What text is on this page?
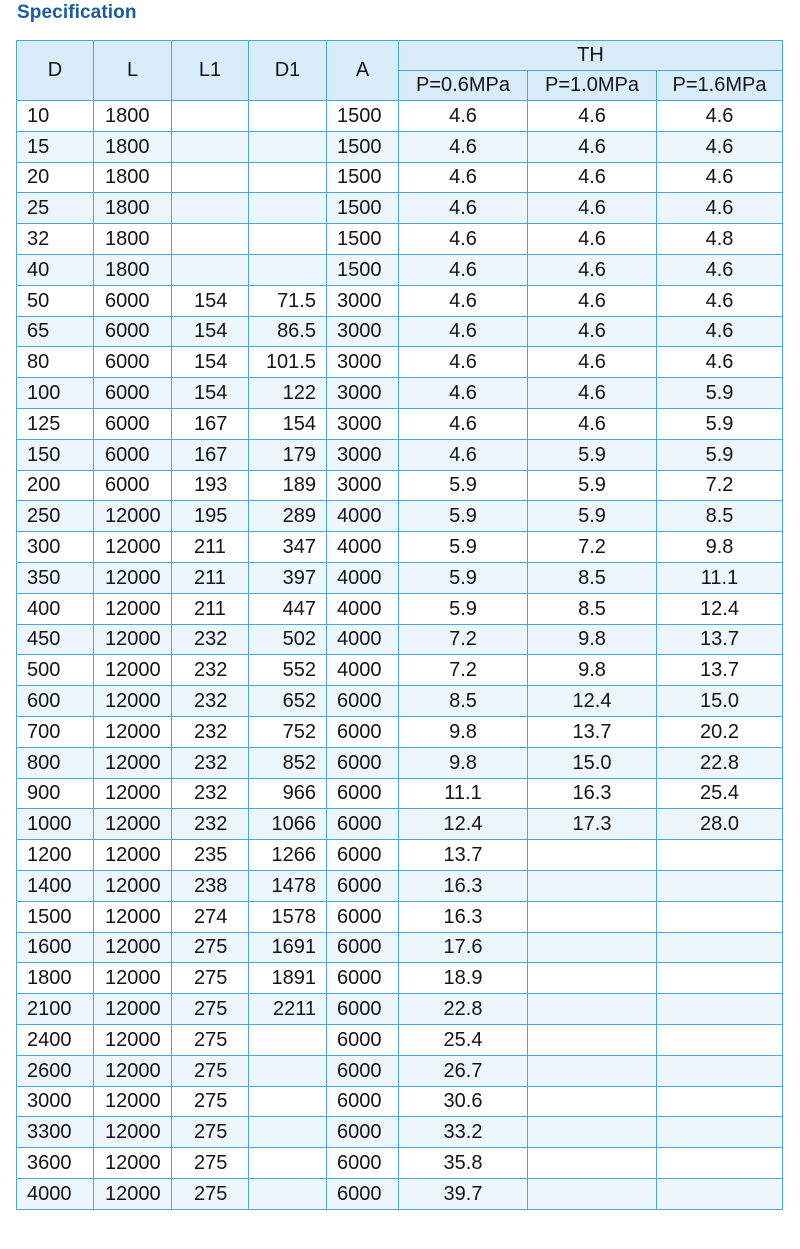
Specification
D	L	L1	D1	A	TH		
					P=0.6MPa	P=1.0MPa	P=1.6MPa
10	1800			1500	4.6	4.6	4.6
15	1800			1500	4.6	4.6	4.6
20	1800			1500	4.6	4.6	4.6
25	1800			1500	4.6	4.6	4.6
32	1800			1500	4.6	4.6	4.8
40	1800			1500	4.6	4.6	4.6
50	6000	154	71.5	3000	4.6	4.6	4.6
65	6000	154	86.5	3000	4.6	4.6	4.6
80	6000	154	101.5	3000	4.6	4.6	4.6
100	6000	154	122	3000	4.6	4.6	5.9
125	6000	167	154	3000	4.6	4.6	5.9
150	6000	167	179	3000	4.6	5.9	5.9
200	6000	193	189	3000	5.9	5.9	7.2
250	12000	195	289	4000	5.9	5.9	8.5
300	12000	211	347	4000	5.9	7.2	9.8
350	12000	211	397	4000	5.9	8.5	11.1
400	12000	211	447	4000	5.9	8.5	12.4
450	12000	232	502	4000	7.2	9.8	13.7
500	12000	232	552	4000	7.2	9.8	13.7
600	12000	232	652	6000	8.5	12.4	15.0
700	12000	232	752	6000	9.8	13.7	20.2
800	12000	232	852	6000	9.8	15.0	22.8
900	12000	232	966	6000	11.1	16.3	25.4
1000	12000	232	1066	6000	12.4	17.3	28.0
1200	12000	235	1266	6000	13.7		
1400	12000	238	1478	6000	16.3		
1500	12000	274	1578	6000	16.3		
1600	12000	275	1691	6000	17.6		
1800	12000	275	1891	6000	18.9		
2100	12000	275	2211	6000	22.8		
2400	12000	275		6000	25.4		
2600	12000	275		6000	26.7		
3000	12000	275		6000	30.6		
3300	12000	275		6000	33.2		
3600	12000	275		6000	35.8		
4000	12000	275		6000	39.7		
